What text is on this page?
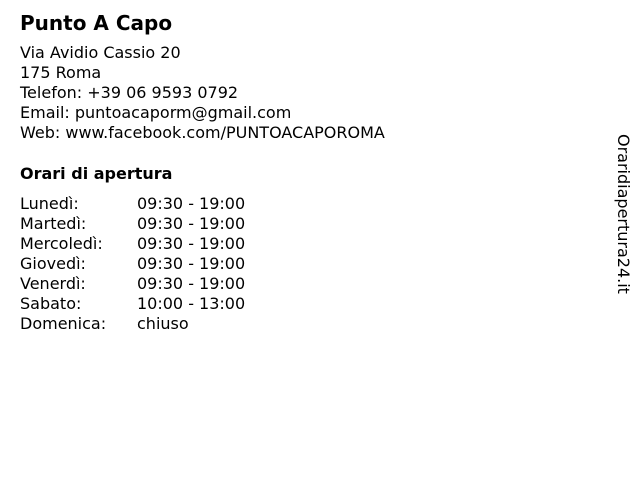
Punto A Capo
Via Avidio Cassio 20
175 Roma
Telefon: +39 06 9593 0792
Email: puntoacaporm@gmail.com
Web: www.facebook.com/PUNTOACAPOROMA
Orari di apertura
Lunedì:	09:30 - 19:00
Martedì:	09:30 - 19:00
Mercoledì: 09:30 - 19:00
Giovedì:	09:30 - 19:00
Venerdì:	09:30 - 19:00
Sabato:	10:00 - 13:00
Domenica: chiuso
Oraridiapertura24.it
